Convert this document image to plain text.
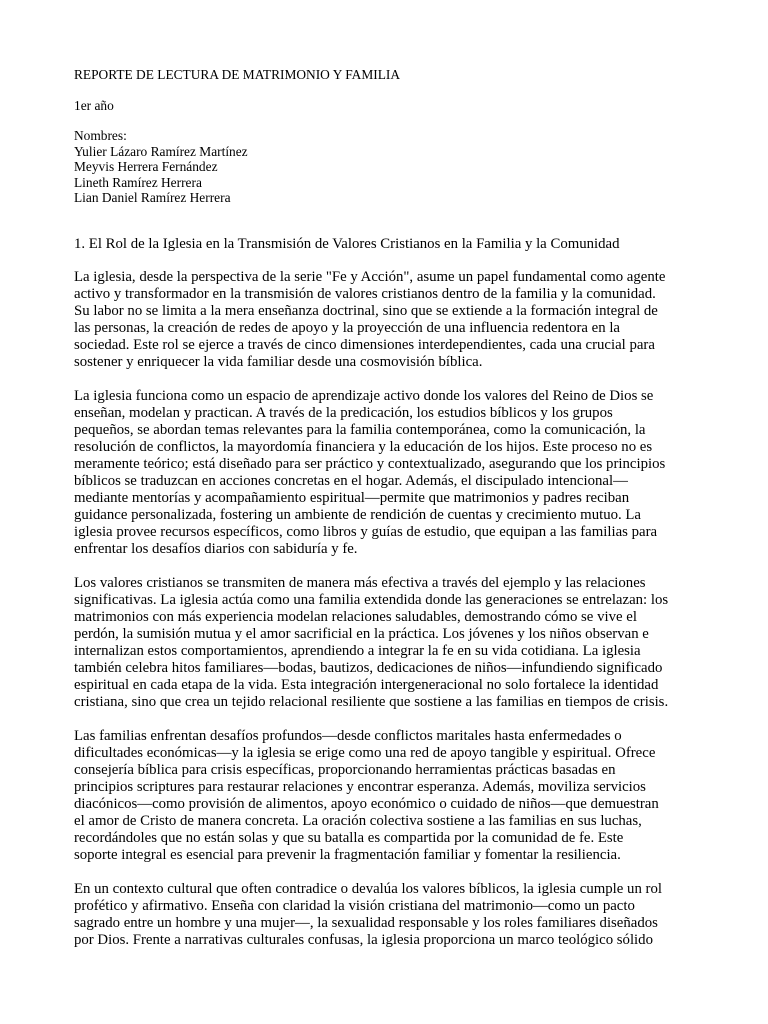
REPORTE DE LECTURA DE MATRIMONIO Y FAMILIA
1er año
Nombres:
Yulier Lázaro Ramírez Martínez
Meyvis Herrera Fernández
Lineth Ramírez Herrera
Lian Daniel Ramírez Herrera
1. El Rol de la Iglesia en la Transmisión de Valores Cristianos en la Familia y la Comunidad
La iglesia, desde la perspectiva de la serie "Fe y Acción", asume un papel fundamental como agente
activo y transformador en la transmisión de valores cristianos dentro de la familia y la comunidad.
Su labor no se limita a la mera enseñanza doctrinal, sino que se extiende a la formación integral de
las personas, la creación de redes de apoyo y la proyección de una influencia redentora en la
sociedad. Este rol se ejerce a través de cinco dimensiones interdependientes, cada una crucial para
sostener y enriquecer la vida familiar desde una cosmovisión bíblica.
La iglesia funciona como un espacio de aprendizaje activo donde los valores del Reino de Dios se
enseñan, modelan y practican. A través de la predicación, los estudios bíblicos y los grupos
pequeños, se abordan temas relevantes para la familia contemporánea, como la comunicación, la
resolución de conflictos, la mayordomía financiera y la educación de los hijos. Este proceso no es
meramente teórico; está diseñado para ser práctico y contextualizado, asegurando que los principios
bíblicos se traduzcan en acciones concretas en el hogar. Además, el discipulado intencional—
mediante mentorías y acompañamiento espiritual—permite que matrimonios y padres reciban
guidance personalizada, fostering un ambiente de rendición de cuentas y crecimiento mutuo. La
iglesia provee recursos específicos, como libros y guías de estudio, que equipan a las familias para
enfrentar los desafíos diarios con sabiduría y fe.
Los valores cristianos se transmiten de manera más efectiva a través del ejemplo y las relaciones
significativas. La iglesia actúa como una familia extendida donde las generaciones se entrelazan: los
matrimonios con más experiencia modelan relaciones saludables, demostrando cómo se vive el
perdón, la sumisión mutua y el amor sacrificial en la práctica. Los jóvenes y los niños observan e
internalizan estos comportamientos, aprendiendo a integrar la fe en su vida cotidiana. La iglesia
también celebra hitos familiares—bodas, bautizos, dedicaciones de niños—infundiendo significado
espiritual en cada etapa de la vida. Esta integración intergeneracional no solo fortalece la identidad
cristiana, sino que crea un tejido relacional resiliente que sostiene a las familias en tiempos de crisis.
Las familias enfrentan desafíos profundos—desde conflictos maritales hasta enfermedades o
dificultades económicas—y la iglesia se erige como una red de apoyo tangible y espiritual. Ofrece
consejería bíblica para crisis específicas, proporcionando herramientas prácticas basadas en
principios scriptures para restaurar relaciones y encontrar esperanza. Además, moviliza servicios
diacónicos—como provisión de alimentos, apoyo económico o cuidado de niños—que demuestran
el amor de Cristo de manera concreta. La oración colectiva sostiene a las familias en sus luchas,
recordándoles que no están solas y que su batalla es compartida por la comunidad de fe. Este
soporte integral es esencial para prevenir la fragmentación familiar y fomentar la resiliencia.
En un contexto cultural que often contradice o devalúa los valores bíblicos, la iglesia cumple un rol
profético y afirmativo. Enseña con claridad la visión cristiana del matrimonio—como un pacto
sagrado entre un hombre y una mujer—, la sexualidad responsable y los roles familiares diseñados
por Dios. Frente a narrativas culturales confusas, la iglesia proporciona un marco teológico sólido
